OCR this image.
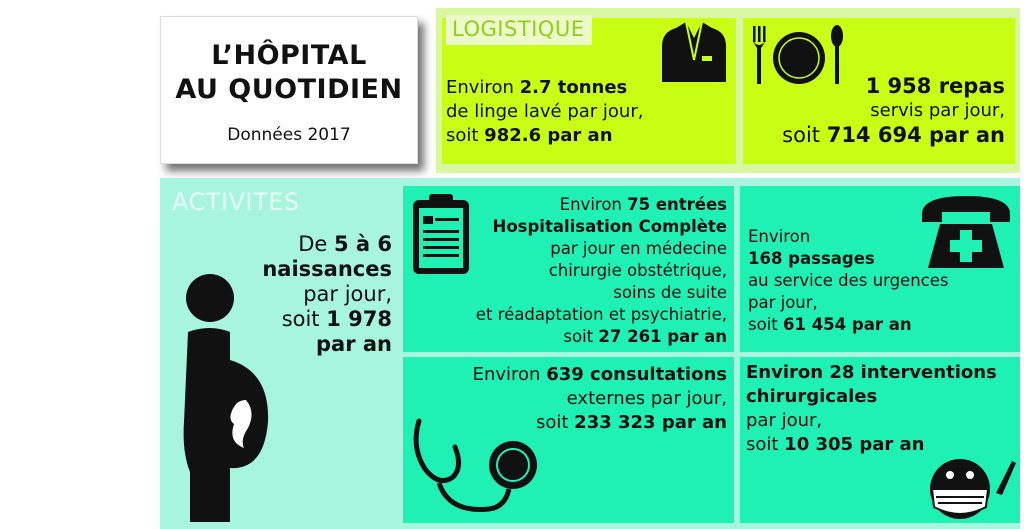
L’HÔPITAL
AU QUOTIDIEN
Données 2017
Environ 2.7 tonnes
de linge lavé par jour,
soit 982.6 par an
1 958 repas
servis par jour,
soit 714 694 par an
LOGISTIQUE
ACTIVITES
De 5 à 6
naissances
par jour,
soit 1 978
par an
Environ 75 entrées
Hospitalisation Complète
par jour en médecine
chirurgie obstétrique,
soins de suite
et réadaptation et psychiatrie,
soit 27 261 par an
Environ
168 passages
au service des urgences
par jour,
soit 61 454 par an
Environ 639 consultations
externes par jour,
soit 233 323 par an
Environ 28 interventions
chirurgicales
par jour,
soit 10 305 par an
